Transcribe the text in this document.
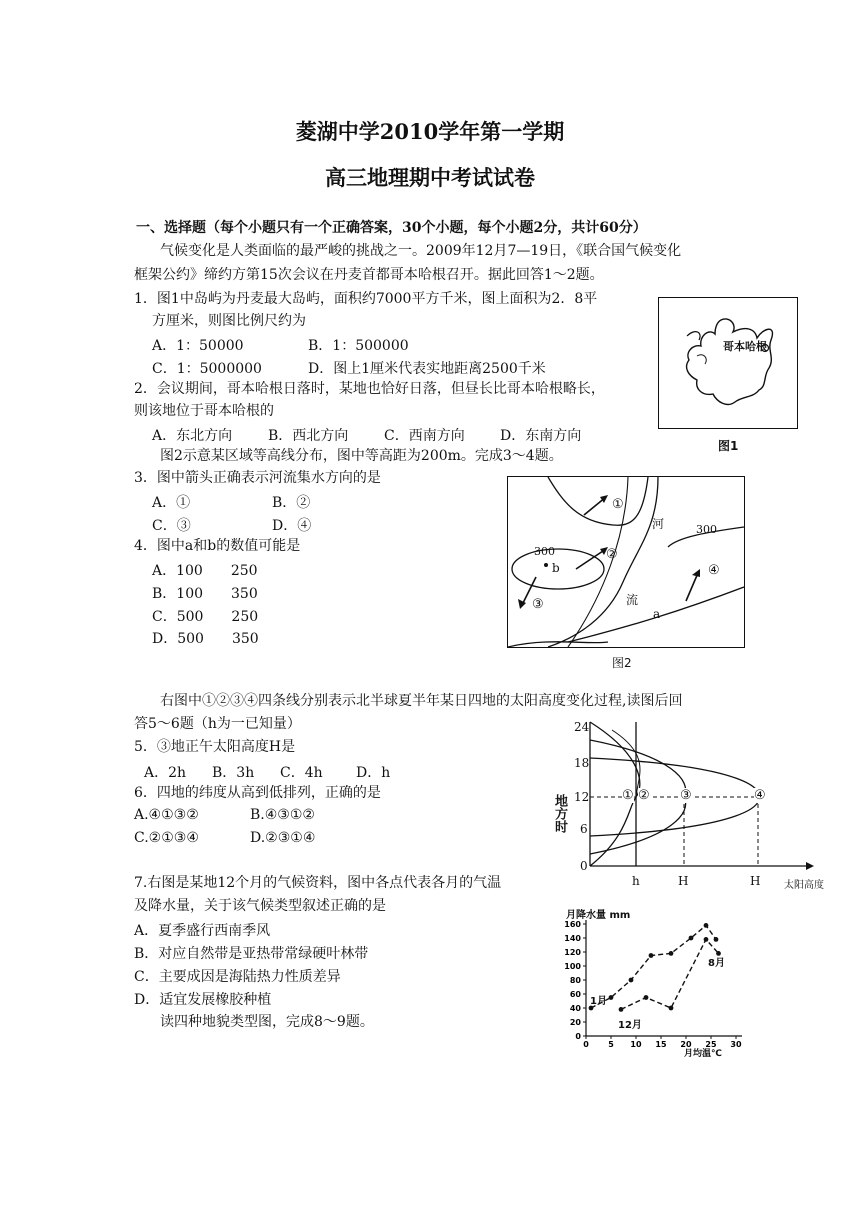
菱湖中学2010学年第一学期
高三地理期中考试试卷
一、选择题（每个小题只有一个正确答案，30个小题，每个小题2分，共计60分）
气候变化是人类面临的最严峻的挑战之一。2009年12月7—19日，《联合国气候变化
框架公约》缔约方第15次会议在丹麦首都哥本哈根召开。据此回答1～2题。
1．图1中岛屿为丹麦最大岛屿，面积约7000平方千米，图上面积为2．8平
方厘米，则图比例尺约为
A．1：50000	B．1：500000
C．1：5000000	D．图上1厘米代表实地距离2500千米
2．会议期间，哥本哈根日落时，某地也恰好日落，但昼长比哥本哈根略长，
则该地位于哥本哈根的
A．东北方向	B．西北方向	C．西南方向	D．东南方向
哥本哈根
图1
图2示意某区域等高线分布，图中等高距为200m。完成3～4题。
3．图中箭头正确表示河流集水方向的是
A．①	B．②
C．③	D．④
4．图中a和b的数值可能是
A．100　　250
B．100　　350
C．500　　250
D．500　　350
①
②
③
④
河
流
300
300
b
a
图2
右图中①②③④四条线分别表示北半球夏半年某日四地的太阳高度变化过程,读图后回
答5～6题（h为一已知量）
5．③地正午太阳高度H是
A．2h B．3h C．4h D．h
6．四地的纬度从高到低排列，正确的是
A.④①③②	B.④③①②
C.②①③④	D.②③①④
24
18
12
6
0
地方时
h	H	H 太阳高度
① ② ③	④
7.右图是某地12个月的气候资料，图中各点代表各月的气温
及降水量，关于该气候类型叙述正确的是
A．夏季盛行西南季风
B．对应自然带是亚热带常绿硬叶林带
C．主要成因是海陆热力性质差异
D．适宜发展橡胶种植
读四种地貌类型图，完成8～9题。
月降水量 mm
0
20
40
60
80
100
120
140
160
0 5 10 15 20 25 30
月均温℃
1月
8月
12月
